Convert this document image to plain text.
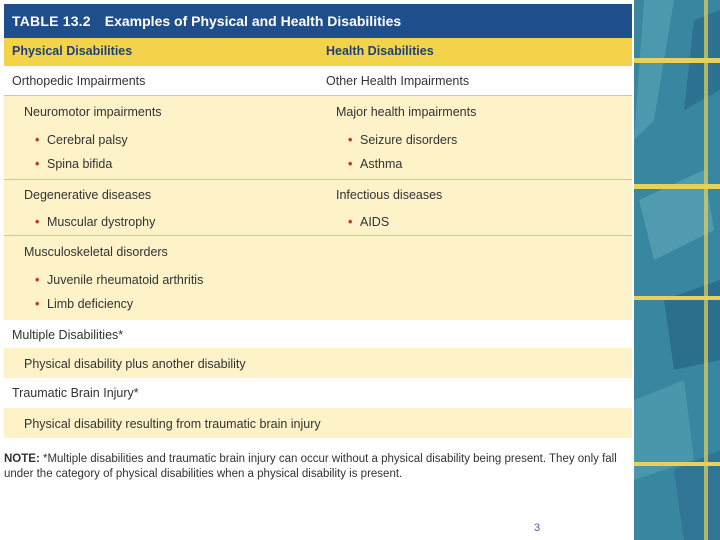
TABLE 13.2 Examples of Physical and Health Disabilities
Physical Disabilities	Health Disabilities
Orthopedic Impairments	Other Health Impairments
Neuromotor impairments
• Cerebral palsy
• Spina bifida
Major health impairments
• Seizure disorders
• Asthma
Degenerative diseases
• Muscular dystrophy
Infectious diseases
• AIDS
Musculoskeletal disorders
• Juvenile rheumatoid arthritis
• Limb deficiency
Multiple Disabilities*
Physical disability plus another disability
Traumatic Brain Injury*
Physical disability resulting from traumatic brain injury
NOTE: *Multiple disabilities and traumatic brain injury can occur without a physical disability being present. They only fall under the category of physical disabilities when a physical disability is present.
3
